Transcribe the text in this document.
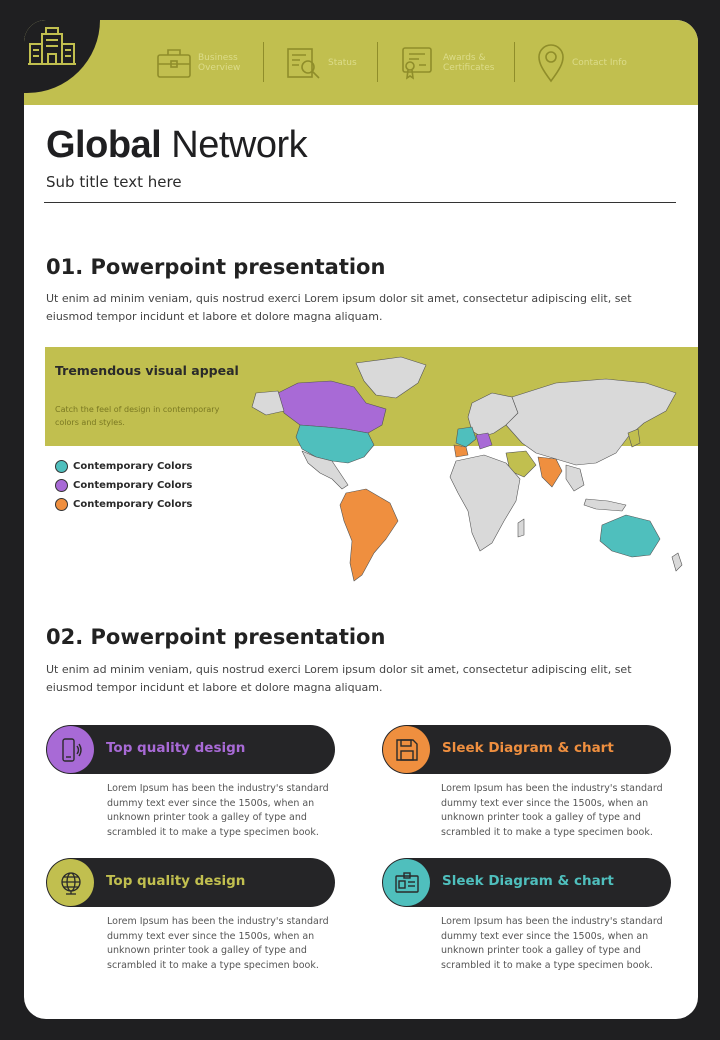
Business
Overview	Status	Awards &
Certificates	Contact Info
Global Network
Sub title text here
01. Powerpoint presentation
Ut enim ad minim veniam, quis nostrud exerci Lorem ipsum dolor sit amet, consectetur adipiscing elit, set eiusmod tempor incidunt et labore et dolore magna aliquam.
Tremendous visual appeal
Catch the feel of design in contemporary colors and styles.
Contemporary Colors
Contemporary Colors
Contemporary Colors
02. Powerpoint presentation
Ut enim ad minim veniam, quis nostrud exerci Lorem ipsum dolor sit amet, consectetur adipiscing elit, set eiusmod tempor incidunt et labore et dolore magna aliquam.
Top quality design
Lorem Ipsum has been the industry's standard dummy text ever since the 1500s, when an unknown printer took a galley of type and scrambled it to make a type specimen book.
Sleek Diagram & chart
Lorem Ipsum has been the industry's standard dummy text ever since the 1500s, when an unknown printer took a galley of type and scrambled it to make a type specimen book.
Top quality design
Lorem Ipsum has been the industry's standard dummy text ever since the 1500s, when an unknown printer took a galley of type and scrambled it to make a type specimen book.
Sleek Diagram & chart
Lorem Ipsum has been the industry's standard dummy text ever since the 1500s, when an unknown printer took a galley of type and scrambled it to make a type specimen book.
